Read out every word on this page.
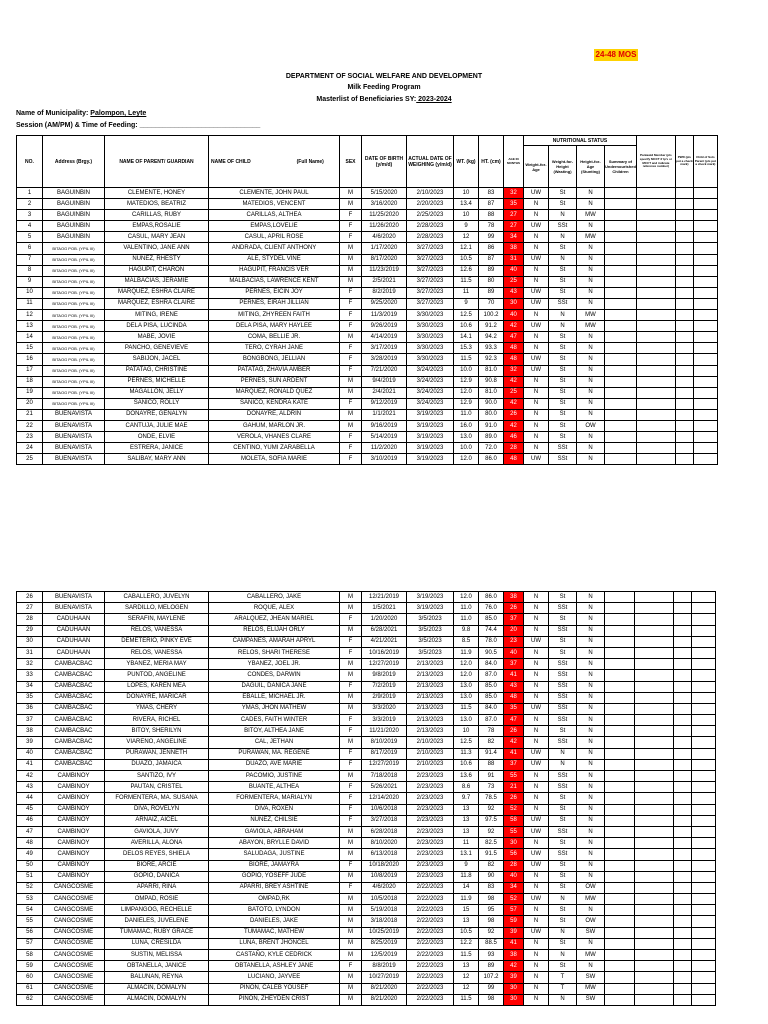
24-48 MOS
DEPARTMENT OF SOCIAL WELFARE AND DEVELOPMENT
Milk Feeding Program
Masterlist of Beneficiaries SY: 2023-2024
Name of Municipality: Palompon, Leyte
Session (AM/PM) & Time of Feeding: _______________________________
NO.	Address (Brgy.)	NAME OF PARENT/ GUARDIAN	NAME OF CHILD	(Full Name)	SEX	DATE OF BIRTH (y/m/d)	ACTUAL DATE OF WEIGHING (y/m/d)	WT. (kg)	HT. (cm)	AGE IN MONTHS	NUTRITIONAL STATUS				Pantawid Member (pls specify MCCT if Ip's or MCCT and indicate reference number)	PWD (pls put a check mark)	Child of Solo Parent (pls put a check mark)
											Weight-for-Age	Weight-for-Height (Wasting)	Height-for-Age (Stunting)	Summary of Undernourished Children			
1	BAGUINBIN	CLEMENTE, HONEY	CLEMENTE, JOHN PAUL		M	5/15/2020	2/10/2023	10	83	32	UW	St	N				
2	BAGUINBIN	MATEDIOS, BEATRIZ	MATEDIOS, VENCENT		M	3/16/2020	2/20/2023	13.4	87	35	N	St	N				
3	BAGUINBIN	CARILLAS, RUBY	CARILLAS, ALTHEA		F	11/25/2020	2/25/2023	10	88	27	N	N	MW				
4	BAGUINBIN	EMPAS,ROSALIE	EMPAS,LOVELIE		F	11/26/2020	2/28/2023	9	78	27	UW	SSt	N				
5	BAGUINBIN	CASUL, MARY JEAN	CASUL, APRIL ROSE		F	4/6/2020	2/28/2023	12	99	34	N	N	MW				
6	BITAOG POB. (YPIL III)	VALENTINO, JANE ANN	ANDRADA, CLIENT ANTHONY		M	1/17/2020	3/27/2023	12.1	86	38	N	St	N				
7	BITAOG POB. (YPIL III)	NUÑEZ, RHESTY	ALE, STYDEL VINE		M	8/17/2020	3/27/2023	10.5	87	31	UW	N	N				
8	BITAOG POB. (YPIL III)	HAGUPIT, CHARON	HAGUPIT, FRANCIS VER		M	11/23/2019	3/27/2023	12.6	89	40	N	St	N				
9	BITAOG POB. (YPIL III)	MALBACIAS, JERAMIE	MALBACIAS, LAWRENCE KENT		M	2/5/2021	3/27/2023	11.5	80	25	N	St	N				
10	BITAOG POB. (YPIL III)	MARQUEZ, ESHRA CLAIRE	PERNES, EICIN JOY		F	8/2/2019	3/27/2023	11	89	43	UW	St	N				
11	BITAOG POB. (YPIL III)	MARQUEZ, ESHRA CLAIRE	PERNES, EIRAH JILLIAN		F	9/25/2020	3/27/2023	9	70	30	UW	SSt	N				
12	BITAOG POB. (YPIL III)	MITING, IRENE	MITING, ZHYREEN FAITH		F	11/3/2019	3/30/2023	12.5	100.2	40	N	N	MW				
13	BITAOG POB. (YPIL III)	DELA PISA, LUCINDA	DELA PISA, MARY HAYLEE		F	9/26/2019	3/30/2023	10.6	91.2	42	UW	N	MW				
14	BITAOG POB. (YPIL III)	MABE, JOVIE	COMA, BELLIE JR.		M	4/14/2019	3/30/2023	14.1	94.2	47	N	St	N				
15	BITAOG POB. (YPIL III)	PANCHO, GENEVIEVE	TERO, CYRAH JANE		F	3/17/2019	3/30/2023	15.3	93.3	48	N	St	N				
16	BITAOG POB. (YPIL III)	SABIJON, JACEL	BONGBONG, JELLIAN		F	3/28/2019	3/30/2023	11.5	92.3	48	UW	St	N				
17	BITAOG POB. (YPIL III)	PATATAG, CHRISTINE	PATATAG, ZHAVIA AMBER		F	7/21/2020	3/24/2023	10.0	81.0	32	UW	St	N				
18	BITAOG POB. (YPIL III)	PERNES, MICHELLE	PERNES, SUN ARDENT		M	9/4/2019	3/24/2023	12.9	90.8	42	N	St	N				
19	BITAOG POB. (YPIL III)	MAGALLON, JELLY	MARQUEZ, RONALD QUEZ		M	2/4/2021	3/24/2023	12.0	81.0	25	N	St	N				
20	BITAOG POB. (YPIL III)	SANICO, ROLLY	SANICO, KENDRA KATE		F	9/12/2019	3/24/2023	12.9	90.0	42	N	St	N				
21	BUENAVISTA	DONAYRE, GENALYN	DONAYRE, ALDRIN		M	1/1/2021	3/19/2023	11.0	80.0	26	N	St	N				
22	BUENAVISTA	CANTUJA, JULIE MAE	GAHUM, MARLON JR.		M	9/16/2019	3/19/2023	16.0	91.0	42	N	St	OW				
23	BUENAVISTA	ONDE, ELVIE	VEROLA, VHANES CLARE		F	5/14/2019	3/19/2023	13.0	89.0	46	N	St	N				
24	BUENAVISTA	ESTRERA, JANICE	CENTINO, YUMI ZARABELLA		F	11/2/2020	3/19/2023	10.0	72.0	28	N	SSt	N				
25	BUENAVISTA	SALIBAY, MARY ANN	MOLETA, SOFIA MARIE		F	3/10/2019	3/19/2023	12.0	86.0	48	UW	SSt	N				
26	BUENAVISTA	CABALLERO, JUVELYN	CABALLERO, JAKE	M	12/21/2019	3/19/2023	12.0	86.0	38	N	St	N				
27	BUENAVISTA	SARDILLO, MELOGEN	ROQUE, ALEX	M	1/5/2021	3/19/2023	11.0	76.0	26	N	SSt	N				
28	CADUHAAN	SERAFIN, MAYLENE	ARALQUEZ, JHEAN MARIEL	F	1/20/2020	3/5/2023	11.0	85.0	37	N	St	N				
29	CADUHAAN	RELOS, VANESSA	RELOS, ELIJAH ORLY	M	6/28/2021	3/5/2023	9.8	74.4	20	N	SSt	N				
30	CADUHAAN	DEMETERIO, PINKY EVE	CAMPANES, AMARAH APRYL	F	4/21/2021	3/5/2023	8.5	78.0	23	UW	St	N				
31	CADUHAAN	RELOS, VANESSA	RELOS, SHARI THERESE	F	10/16/2019	3/5/2023	11.9	90.5	40	N	St	N				
32	CAMBACBAC	YBANEZ, MERIA MAY	YBANEZ, JOEL JR.	M	12/27/2019	2/13/2023	12.0	84.0	37	N	SSt	N				
33	CAMBACBAC	PUNTOD, ANGELINE	CONDES, DARWIN	M	9/8/2019	2/13/2023	12.0	87.0	41	N	SSt	N				
34	CAMBACBAC	LOPES, KAREN MEA	DAGUIL, DANICA JANE	F	7/2/2019	2/13/2023	13.0	85.0	43	N	SSt	N				
35	CAMBACBAC	DONAYRE, MARICAR	EBALLE, MICHAEL JR.	M	2/9/2019	2/13/2023	13.0	85.0	48	N	SSt	N				
36	CAMBACBAC	YMAS, CHERY	YMAS, JHON MATHEW	M	3/3/2020	2/13/2023	11.5	84.0	35	UW	SSt	N				
37	CAMBACBAC	RIVERA, RICHEL	CADES, FAITH WINTER	F	3/3/2019	2/13/2023	13.0	87.0	47	N	SSt	N				
38	CAMBACBAC	BITOY, SHERILYN	BITOY, ALTHEA JANE	F	11/21/2020	2/13/2023	10	78	26	N	St	N				
39	CAMBACBAC	VIARENO, ANGELINE	CAL, JETHAN	M	8/10/2019	2/10/2023	12.5	82	42	N	SSt	N				
40	CAMBACBAC	PURAWAN, JENNETH	PURAWAN, MA. REGENE	F	8/17/2019	2/10/2023	11.3	91.4	41	UW	N	N				
41	CAMBACBAC	DUAZO, JAMAICA	DUAZO, AVE MARIE	F	12/27/2019	2/10/2023	10.6	88	37	UW	N	N				
42	CAMBINOY	SANTIZO, IVY	PACOMIO, JUSTINE	M	7/18/2018	2/23/2023	13.6	91	55	N	SSt	N				
43	CAMBINOY	PAUTAN, CRISTEL	BUANTE, ALTHEA	F	5/26/2021	2/23/2023	8.6	73	21	N	SSt	N				
44	CAMBINOY	FORMENTERA, MA. SUSANA	FORMENTERA, MARIALYN	F	12/14/2020	2/23/2023	9.7	78.5	26	N	St	N				
45	CAMBINOY	DIVA, ROVELYN	DIVA, ROXEN	F	10/6/2018	2/23/2023	13	92	52	N	St	N				
46	CAMBINOY	ARNAIZ, AICEL	NUÑEZ, CHILSIE	F	3/27/2018	2/23/2023	13	97.5	58	UW	St	N				
47	CAMBINOY	GAVIOLA, JUVY	GAVIOLA, ABRAHAM	M	6/28/2018	2/23/2023	13	92	55	UW	SSt	N				
48	CAMBINOY	AVERILLA, ALONA	ABAYON, BRYLLE DAVID	M	8/10/2020	2/23/2023	11	82.5	30	N	St	N				
49	CAMBINOY	DELOS REYES, SHIELA	SALUDAGA, JUSTINE	M	6/13/2018	2/23/2023	13.1	91.5	56	UW	SSt	N				
50	CAMBINOY	BIORE, ARCIE	BIORE, JAMAYRA	F	10/18/2020	2/23/2023	9	82	28	UW	St	N				
51	CAMBINOY	GOPIO, DANICA	GOPIO, YOSEFF JUDE	M	10/8/2019	2/23/2023	11.8	90	40	N	St	N				
52	CANGCOSME	APARRI, RINA	APARRI, BREY ASHTINE	F	4/6/2020	2/22/2023	14	83	34	N	St	OW				
53	CANGCOSME	OMPAD, ROSIE	OMPAD,RK	M	10/5/2018	2/22/2023	11.9	98	52	UW	N	MW				
54	CANGCOSME	LIMPANGOG, RECHELLE	BATOTO, LYNDON	M	5/19/2018	2/22/2023	15	95	57	N	St	N				
55	CANGCOSME	DANIELES, JUVELENE	DANIELES, JAKE	M	3/18/2018	2/22/2023	13	98	59	N	St	OW				
56	CANGCOSME	TUMAMAC, RUBY GRACE	TUMAMAC, MATHEW	M	10/25/2019	2/22/2023	10.5	92	39	UW	N	SW				
57	CANGCOSME	LUNA, CRESILDA	LUNA, BRENT JHONCEL	M	8/25/2019	2/22/2023	12.2	88.5	41	N	St	N				
58	CANGCOSME	SUSTIN, MELISSA	CASTAÑO, KYLE CEDRICK	M	12/5/2019	2/22/2023	11.5	93	38	N	N	MW				
59	CANGCOSME	OBTANELLA, JANICE	OBTANELLA, ASHLEY JANE	F	8/8/2019	2/22/2023	13	89	42	N	St	N				
60	CANGCOSME	BALUNAN, REYNA	LUCIANO, JAYVEE	M	10/27/2019	2/22/2023	12	107.2	39	N	T	SW				
61	CANGCOSME	ALMACIN, DOMALYN	PIÑON, CALEB YOUSEF	M	8/21/2020	2/22/2023	12	99	30	N	T	MW				
62	CANGCOSME	ALMACIN, DOMALYN	PIÑON, ZHEYDEN CRIST	M	8/21/2020	2/22/2023	11.5	98	30	N	N	SW				
